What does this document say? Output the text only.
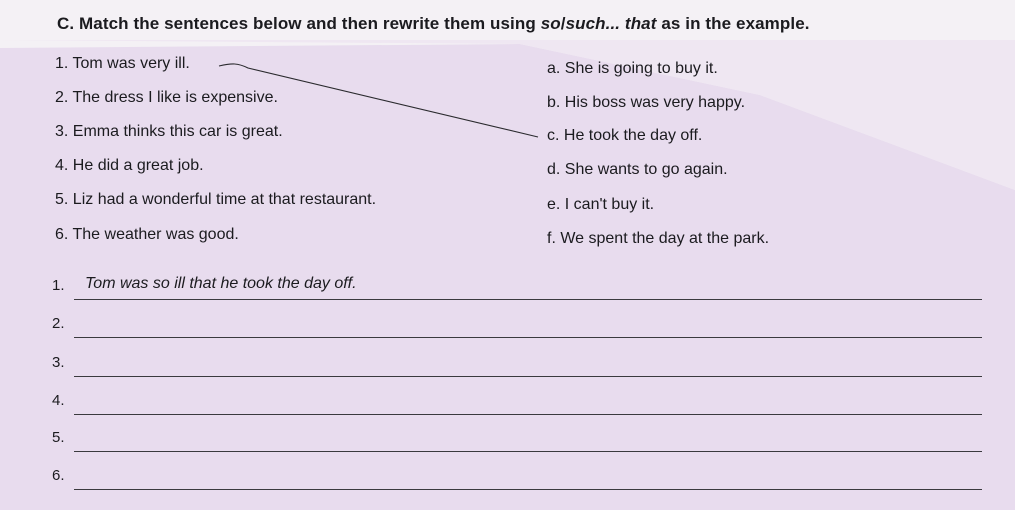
C. Match the sentences below and then rewrite them using so/such... that as in the example.
1. Tom was very ill.
2. The dress I like is expensive.
3. Emma thinks this car is great.
4. He did a great job.
5. Liz had a wonderful time at that restaurant.
6. The weather was good.
a. She is going to buy it.
b. His boss was very happy.
c. He took the day off.
d. She wants to go again.
e. I can't buy it.
f. We spent the day at the park.
1. Tom was so ill that he took the day off.
2.
3.
4.
5.
6.
